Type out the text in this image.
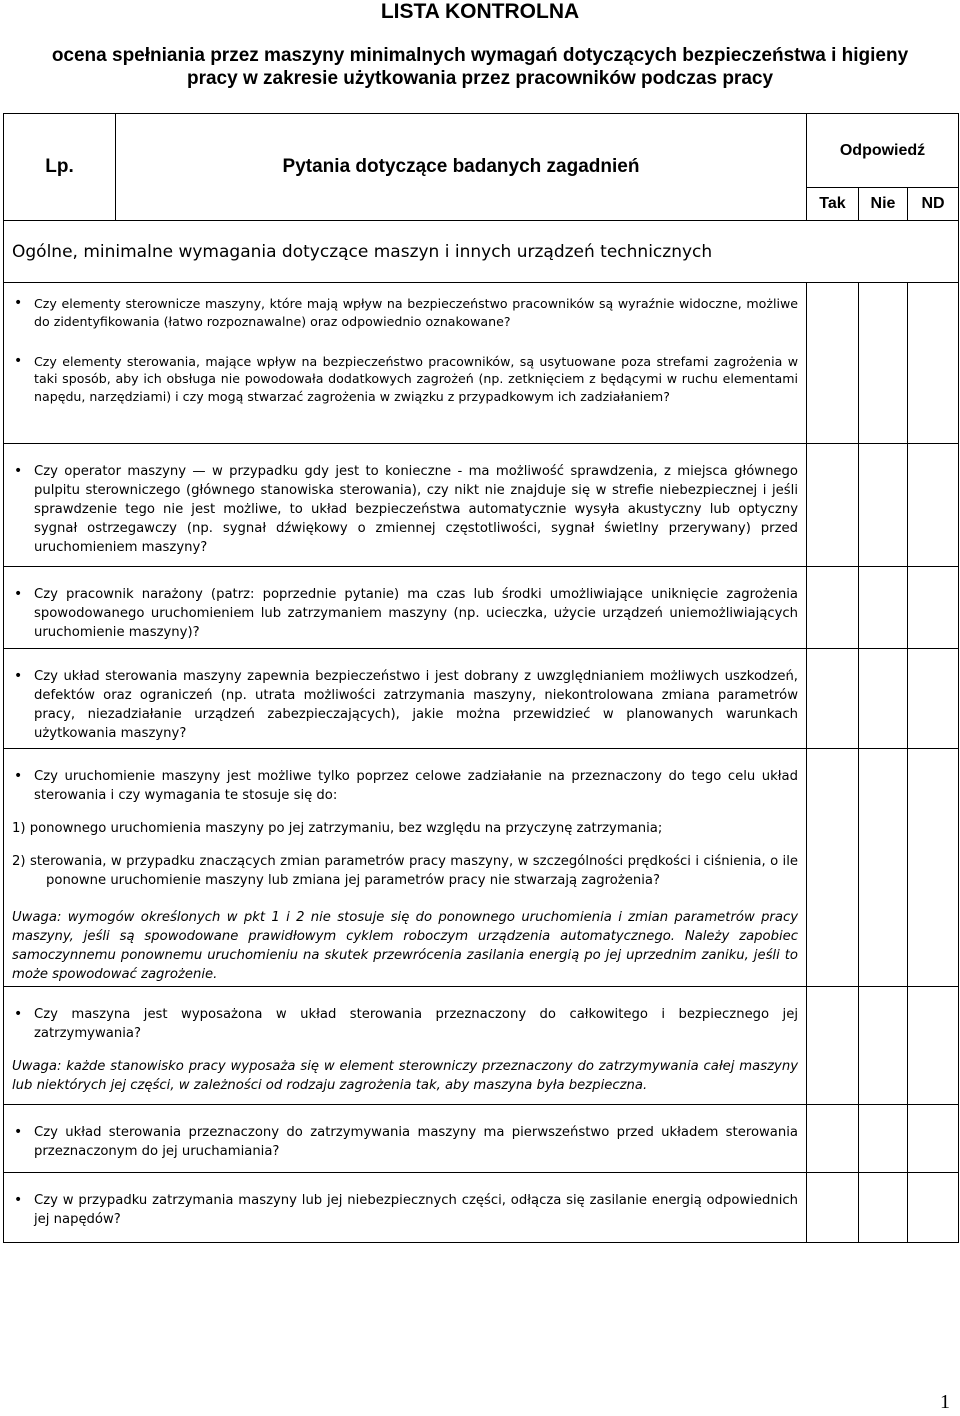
LISTA KONTROLNA
ocena spełniania przez maszyny minimalnych wymagań dotyczących bezpieczeństwa i higieny
pracy w zakresie użytkowania przez pracowników podczas pracy
Lp.	Pytania dotyczące badanych zagadnień	Odpowiedź		
		Tak	Nie	ND
Ogólne, minimalne wymagania dotyczące maszyn i innych urządzeń technicznych				

• Czy elementy sterownicze maszyny, które mają wpływ na bezpieczeństwo pracowników są wyraźnie widoczne, możliwe do zidentyfikowania (łatwo rozpoznawalne) oraz odpowiednio oznakowane?				

• Czy elementy sterowania, mające wpływ na bezpieczeństwo pracowników, są usytuowane poza strefami zagrożenia w taki sposób, aby ich obsługa nie powodowała dodatkowych zagrożeń (np. zetknięciem z będącymi w ruchu elementami napędu, narzędziami) i czy mogą stwarzać zagrożenia w związku z przypadkowym ich zadziałaniem?				

• Czy operator maszyny — w przypadku gdy jest to konieczne - ma możliwość sprawdzenia, z miejsca głównego pulpitu sterowniczego (głównego stanowiska sterowania), czy nikt nie znajduje się w strefie niebezpiecznej i jeśli sprawdzenie tego nie jest możliwe, to układ bezpieczeństwa automatycznie wysyła akustyczny lub optyczny sygnał ostrzegawczy (np. sygnał dźwiękowy o zmiennej częstotliwości, sygnał świetlny przerywany) przed uruchomieniem maszyny?				

• Czy pracownik narażony (patrz: poprzednie pytanie) ma czas lub środki umożliwiające uniknięcie zagrożenia spowodowanego uruchomieniem lub zatrzymaniem maszyny (np. ucieczka, użycie urządzeń uniemożliwiających uruchomienie maszyny)?				

• Czy układ sterowania maszyny zapewnia bezpieczeństwo i jest dobrany z uwzględnianiem możliwych uszkodzeń, defektów oraz ograniczeń (np. utrata możliwości zatrzymania maszyny, niekontrolowana zmiana parametrów pracy, niezadziałanie urządzeń zabezpieczających), jakie można przewidzieć w planowanych warunkach użytkowania maszyny?				

• Czy uruchomienie maszyny jest możliwe tylko poprzez celowe zadziałanie na przeznaczony do tego celu układ sterowania i czy wymagania te stosuje się do:

1) ponownego uruchomienia maszyny po jej zatrzymaniu, bez względu na przyczynę zatrzymania;

2) sterowania, w przypadku znaczących zmian parametrów pracy maszyny, w szczególności prędkości i ciśnienia, o ile ponowne uruchomienie maszyny lub zmiana jej parametrów pracy nie stwarzają zagrożenia?

Uwaga: wymogów określonych w pkt 1 i 2 nie stosuje się do ponownego uruchomienia i zmian parametrów pracy maszyny, jeśli są spowodowane prawidłowym cyklem roboczym urządzenia automatycznego. Należy zapobiec samoczynnemu ponownemu uruchomieniu na skutek przewrócenia zasilania energią po jej uprzednim zaniku, jeśli to może spowodować zagrożenie.				

• Czy maszyna jest wyposażona w układ sterowania przeznaczony do całkowitego i bezpiecznego jej zatrzymywania?

Uwaga: każde stanowisko pracy wyposaża się w element sterowniczy przeznaczony do zatrzymywania całej maszyny lub niektórych jej części, w zależności od rodzaju zagrożenia tak, aby maszyna była bezpieczna.				

• Czy układ sterowania przeznaczony do zatrzymywania maszyny ma pierwszeństwo przed układem sterowania przeznaczonym do jej uruchamiania?				

• Czy w przypadku zatrzymania maszyny lub jej niebezpiecznych części, odłącza się zasilanie energią odpowiednich jej napędów?				

1
